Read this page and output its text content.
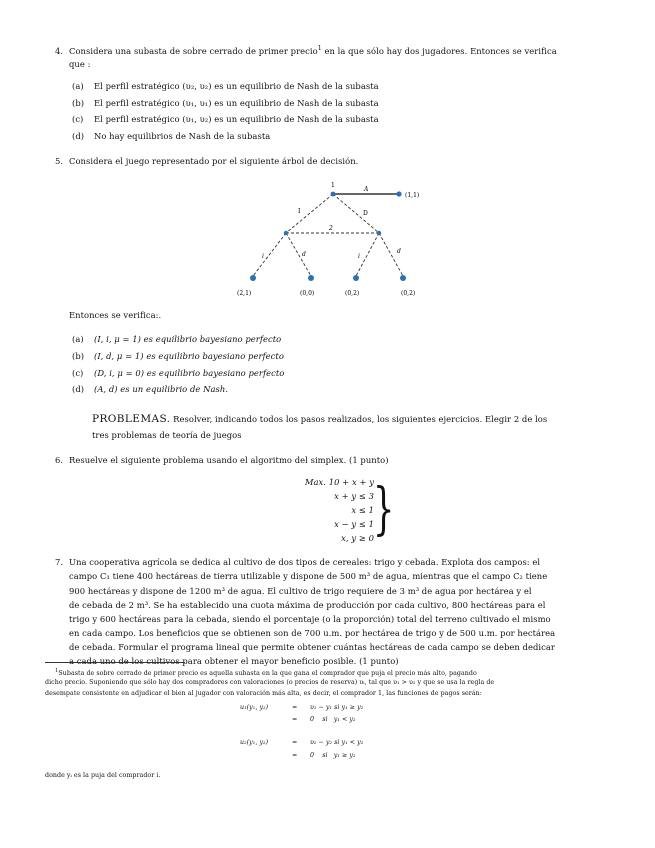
4. Considera una subasta de sobre cerrado de primer precio$^1$ en la que sólo hay dos jugadores. Entonces se verifica
que :
(a) El perfil estratégico (υ₂, υ₂) es un equilibrio de Nash de la subasta
(b) El perfil estratégico (υ₁, υ₁) es un equilibrio de Nash de la subasta
(c) El perfil estratégico (υ₁, υ₂) es un equilibrio de Nash de la subasta
(d) No hay equilibrios de Nash de la subasta
5. Considera el juego representado por el siguiente árbol de decisión.
1
A
(1,1)
I	D
2
i	d	i
d
(2,1)	(0,0)	(0,2)	(0,2)
Entonces se verifica:.
(a) (I, i, μ = 1) es equilibrio bayesiano perfecto
(b) (I, d, μ = 1) es equilibrio bayesiano perfecto
(c) (D, i, μ = 0) es equilibrio bayesiano perfecto
(d) (A, d) es un equilibrio de Nash.
PROBLEMAS. Resolver, indicando todos los pasos realizados, los siguientes ejercicios. Elegir 2 de los
tres problemas de teoría de juegos
6. Resuelve el siguiente problema usando el algoritmo del simplex. (1 punto)
Max. 10 + x + y
x + y ≤ 3
x ≤ 1
x − y ≤ 1
x, y ≥ 0 }
7. Una cooperativa agrícola se dedica al cultivo de dos tipos de cereales: trigo y cebada. Explota dos campos: el
campo C₁ tiene 400 hectáreas de tierra utilizable y dispone de 500 m³ de agua, mientras que el campo C₂ tiene
900 hectáreas y dispone de 1200 m³ de agua. El cultivo de trigo requiere de 3 m³ de agua por hectárea y el
de cebada de 2 m³. Se ha establecido una cuota máxima de producción por cada cultivo, 800 hectáreas para el
trigo y 600 hectáreas para la cebada, siendo el porcentaje (o la proporción) total del terreno cultivado el mismo
en cada campo. Los beneficios que se obtienen son de 700 u.m. por hectárea de trigo y de 500 u.m. por hectárea
de cebada. Formular el programa lineal que permite obtener cuántas hectáreas de cada campo se deben dedicar
a cada uno de los cultivos para obtener el mayor beneficio posible. (1 punto)
$^1$Subasta de sobre cerrado de primer precio es aquella subasta en la que gana el comprador que puja el precio más alto, pagando
dicho precio. Suponiendo que sólo hay dos compradores con valoraciones (o precios de reserva) υᵢ, tal que υ₁ > υ₂ y que se usa la regla de
desempate consistente en adjudicar el bien al jugador con valoración más alta, es decir, el comprador 1, las funciones de pagos serán:
u₁(y₁, y₂)	= υ₁ − y₁ si y₁ ≥ y₂
= 0    si   y₁ < y₂
u₂(y₁, y₂)	= υ₂ − y₂ si y₁ < y₂
= 0    si   y₁ ≥ y₂
donde yᵢ es la puja del comprador i.
